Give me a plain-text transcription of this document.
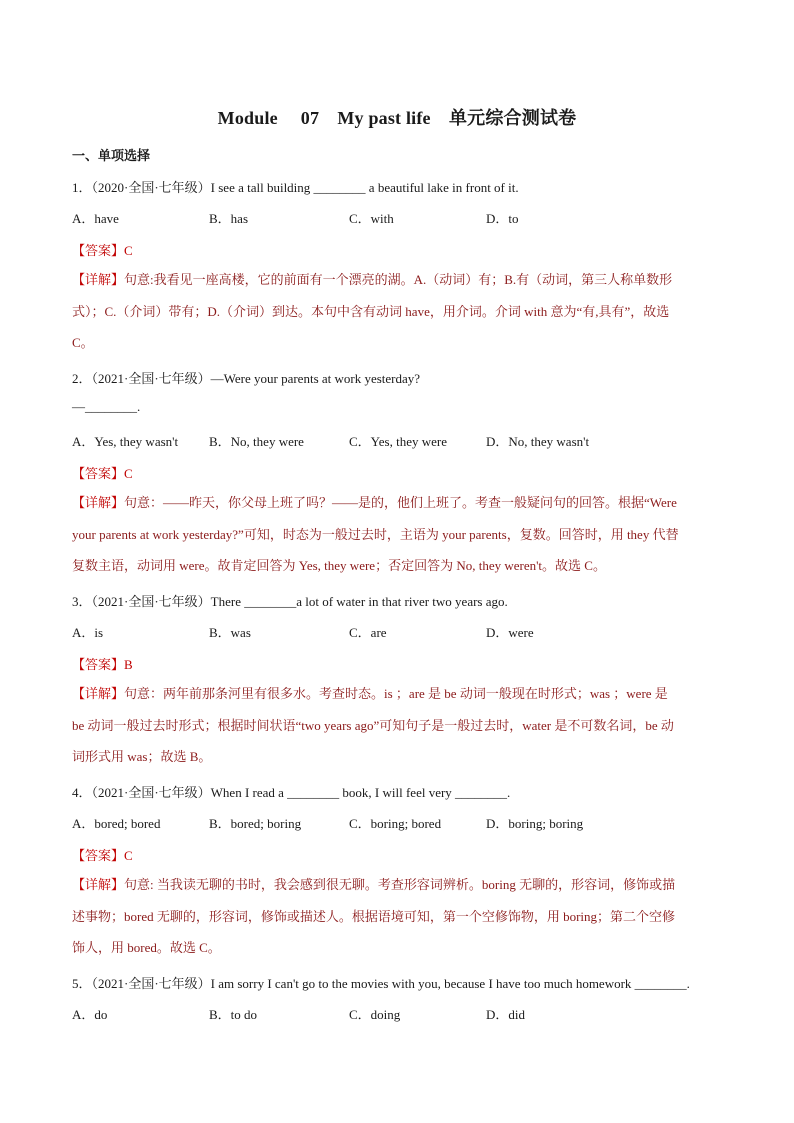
Module　 07　My past life　单元综合测试卷
一、单项选择
1．（2020·全国·七年级）I see a tall building ________ a beautiful lake in front of it.
A．have	B．has	C．with	D．to
【答案】C
【详解】句意:我看见一座高楼，它的前面有一个漂亮的湖。A.（动词）有；B.有（动词，第三人称单数形
式）；C.（介词）带有；D.（介词）到达。本句中含有动词 have，用介词。介词 with 意为“有,具有”，故选
C。
2．（2021·全国·七年级）—Were your parents at work yesterday?
—________.
A．Yes, they wasn't B．No, they were	C．Yes, they were	D．No, they wasn't
【答案】C
【详解】句意：——昨天，你父母上班了吗？——是的，他们上班了。考查一般疑问句的回答。根据“Were
your parents at work yesterday?”可知，时态为一般过去时，主语为 your parents，复数。回答时，用 they 代替
复数主语，动词用 were。故肯定回答为 Yes, they were；否定回答为 No, they weren't。故选 C。
3．（2021·全国·七年级）There ________a lot of water in that river two years ago.
A．is	B．was	C．are	D．were
【答案】B
【详解】句意：两年前那条河里有很多水。考查时态。is ；are 是 be 动词一般现在时形式；was ；were 是
be 动词一般过去时形式；根据时间状语“two years ago”可知句子是一般过去时，water 是不可数名词，be 动
词形式用 was；故选 B。
4．（2021·全国·七年级）When I read a ________ book, I will feel very ________.
A．bored; bored	B．bored; boring	C．boring; bored	D．boring; boring
【答案】C
【详解】句意: 当我读无聊的书时，我会感到很无聊。考查形容词辨析。boring 无聊的，形容词，修饰或描
述事物；bored 无聊的，形容词，修饰或描述人。根据语境可知，第一个空修饰物，用 boring；第二个空修
饰人，用 bored。故选 C。
5．（2021·全国·七年级）I am sorry I can't go to the movies with you, because I have too much homework ________.
A．do	B．to do	C．doing	D．did
